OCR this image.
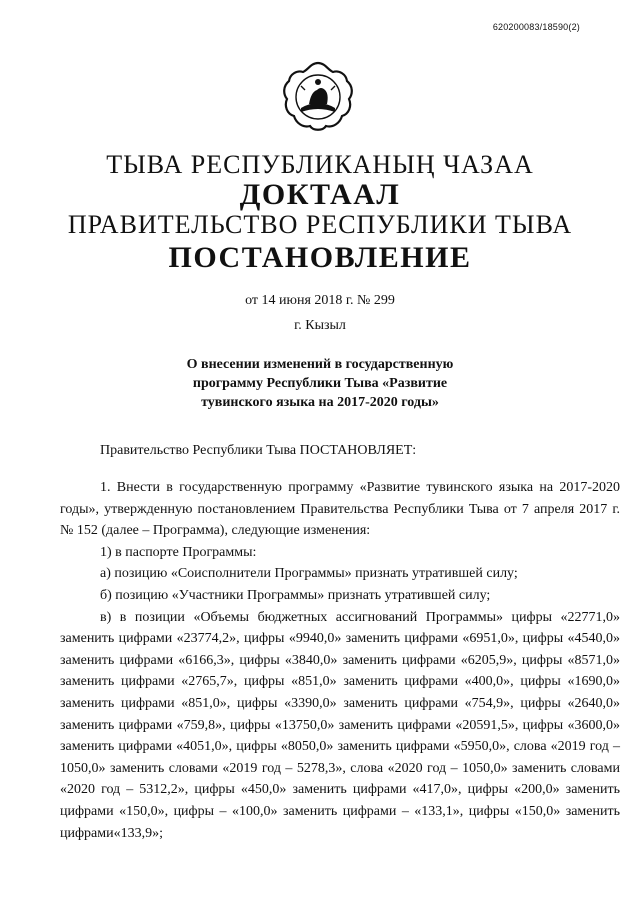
620200083/18590(2)
ТЫВА РЕСПУБЛИКАНЫҢ ЧАЗАА
ДОКТААЛ
ПРАВИТЕЛЬСТВО РЕСПУБЛИКИ ТЫВА
ПОСТАНОВЛЕНИЕ
от 14 июня 2018 г. № 299
г. Кызыл
О внесении изменений в государственную
программу Республики Тыва «Развитие
тувинского языка на 2017-2020 годы»
Правительство Республики Тыва ПОСТАНОВЛЯЕТ:

1. Внести в государственную программу «Развитие тувинского языка на 2017-2020 годы», утвержденную постановлением Правительства Республики Тыва от 7 апреля 2017 г. № 152 (далее – Программа), следующие изменения:

1) в паспорте Программы:

а) позицию «Соисполнители Программы» признать утратившей силу;

б) позицию «Участники Программы» признать утратившей силу;

в) в позиции «Объемы бюджетных ассигнований Программы» цифры «22771,0» заменить цифрами «23774,2», цифры «9940,0» заменить цифрами «6951,0», цифры «4540,0» заменить цифрами «6166,3», цифры «3840,0» заменить цифрами «6205,9», цифры «8571,0» заменить цифрами «2765,7», цифры «851,0» заменить цифрами «400,0», цифры «1690,0» заменить цифрами «851,0», цифры «3390,0» заменить цифрами «754,9», цифры «2640,0» заменить цифрами «759,8», цифры «13750,0» заменить цифрами «20591,5», цифры «3600,0» заменить цифрами «4051,0», цифры «8050,0» заменить цифрами «5950,0», слова «2019 год – 1050,0» заменить словами «2019 год – 5278,3», слова «2020 год – 1050,0» заменить словами «2020 год – 5312,2», цифры «450,0» заменить цифрами «417,0», цифры «200,0» заменить цифрами «150,0», цифры – «100,0» заменить цифрами – «133,1», цифры «150,0» заменить цифрами«133,9»;
